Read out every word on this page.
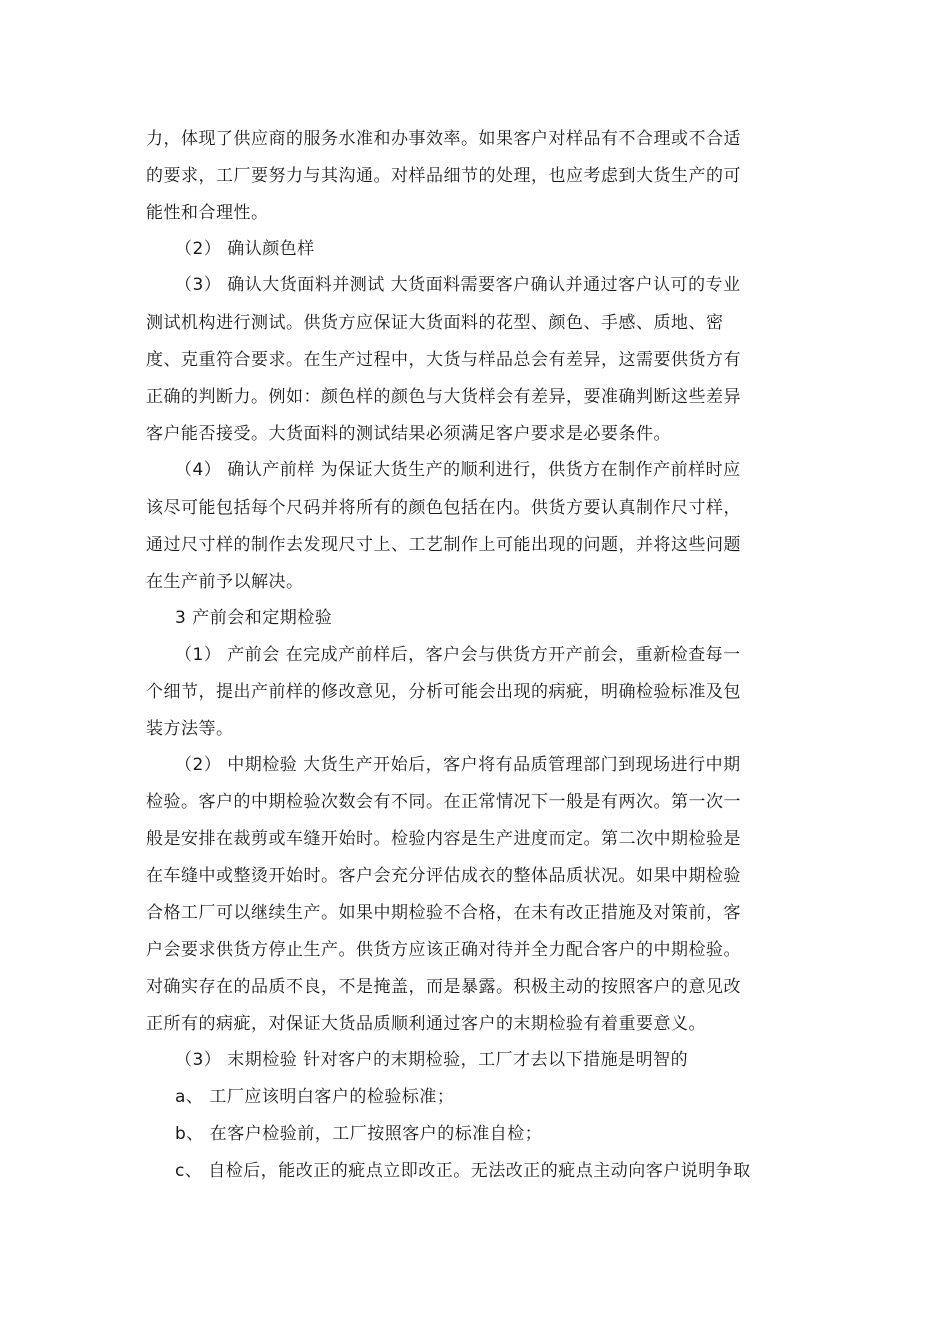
力，体现了供应商的服务水准和办事效率。如果客户对样品有不合理或不合适
的要求，工厂要努力与其沟通。对样品细节的处理，也应考虑到大货生产的可
能性和合理性。
（2） 确认颜色样
（3） 确认大货面料并测试 大货面料需要客户确认并通过客户认可的专业
测试机构进行测试。供货方应保证大货面料的花型、颜色、手感、质地、密
度、克重符合要求。在生产过程中，大货与样品总会有差异，这需要供货方有
正确的判断力。例如：颜色样的颜色与大货样会有差异，要准确判断这些差异
客户能否接受。大货面料的测试结果必须满足客户要求是必要条件。
（4） 确认产前样 为保证大货生产的顺利进行，供货方在制作产前样时应
该尽可能包括每个尺码并将所有的颜色包括在内。供货方要认真制作尺寸样，
通过尺寸样的制作去发现尺寸上、工艺制作上可能出现的问题，并将这些问题
在生产前予以解决。
3 产前会和定期检验
（1） 产前会 在完成产前样后，客户会与供货方开产前会，重新检查每一
个细节，提出产前样的修改意见，分析可能会出现的病疵，明确检验标准及包
装方法等。
（2） 中期检验 大货生产开始后，客户将有品质管理部门到现场进行中期
检验。客户的中期检验次数会有不同。在正常情况下一般是有两次。第一次一
般是安排在裁剪或车缝开始时。检验内容是生产进度而定。第二次中期检验是
在车缝中或整烫开始时。客户会充分评估成衣的整体品质状况。如果中期检验
合格工厂可以继续生产。如果中期检验不合格，在未有改正措施及对策前，客
户会要求供货方停止生产。供货方应该正确对待并全力配合客户的中期检验。
对确实存在的品质不良，不是掩盖，而是暴露。积极主动的按照客户的意见改
正所有的病疵，对保证大货品质顺利通过客户的末期检验有着重要意义。
（3） 末期检验 针对客户的末期检验，工厂才去以下措施是明智的
a、 工厂应该明白客户的检验标准；
b、 在客户检验前，工厂按照客户的标准自检；
c、 自检后，能改正的疵点立即改正。无法改正的疵点主动向客户说明争取
